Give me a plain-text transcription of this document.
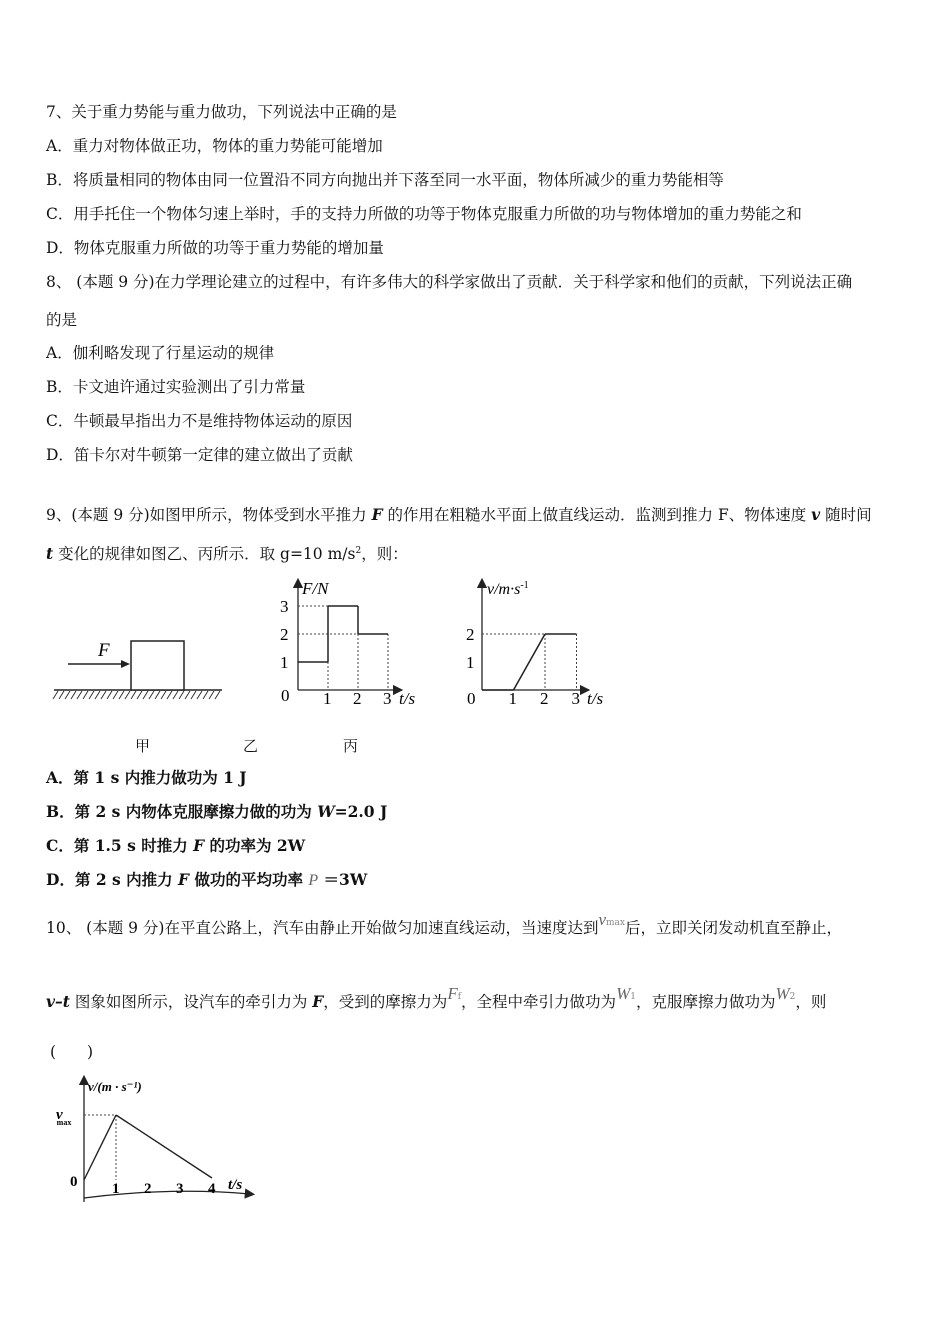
7、关于重力势能与重力做功，下列说法中正确的是
A．重力对物体做正功，物体的重力势能可能增加
B．将质量相同的物体由同一位置沿不同方向抛出并下落至同一水平面，物体所减少的重力势能相等
C．用手托住一个物体匀速上举时，手的支持力所做的功等于物体克服重力所做的功与物体增加的重力势能之和
D．物体克服重力所做的功等于重力势能的增加量
8、 (本题 9 分)在力学理论建立的过程中，有许多伟大的科学家做出了贡献．关于科学家和他们的贡献，下列说法正确
的是
A．伽利略发现了行星运动的规律
B．卡文迪许通过实验测出了引力常量
C．牛顿最早指出力不是维持物体运动的原因
D．笛卡尔对牛顿第一定律的建立做出了贡献
9、(本题 9 分)如图甲所示，物体受到水平推力 F 的作用在粗糙水平面上做直线运动．监测到推力 F、物体速度 v 随时间
t 变化的规律如图乙、丙所示．取 g=10 $m/s^2$，则：
F
F/N
t/s
0 1 2 3
1
2
3
$v/m\cdot s^{-1}$
t/s
0 1 2 3
1
2
甲	乙	丙
A．第 1 s 内推力做功为 1 J
B．第 2 s 内物体克服摩擦力做的功为 W=2.0 J
C．第 1.5 s 时推力 F 的功率为 2W
D．第 2 s 内推力 F 做功的平均功率 P ＝3W
10、 (本题 9 分)在平直公路上，汽车由静止开始做匀加速直线运动，当速度达到vmax后，立即关闭发动机直至静止，
v–t 图象如图所示，设汽车的牵引力为 F，受到的摩擦力为Ff，全程中牵引力做功为W1，克服摩擦力做功为W2，则
(　　)
v/(m · s⁻¹)
t/s
vmax
0 1 2 3 4
